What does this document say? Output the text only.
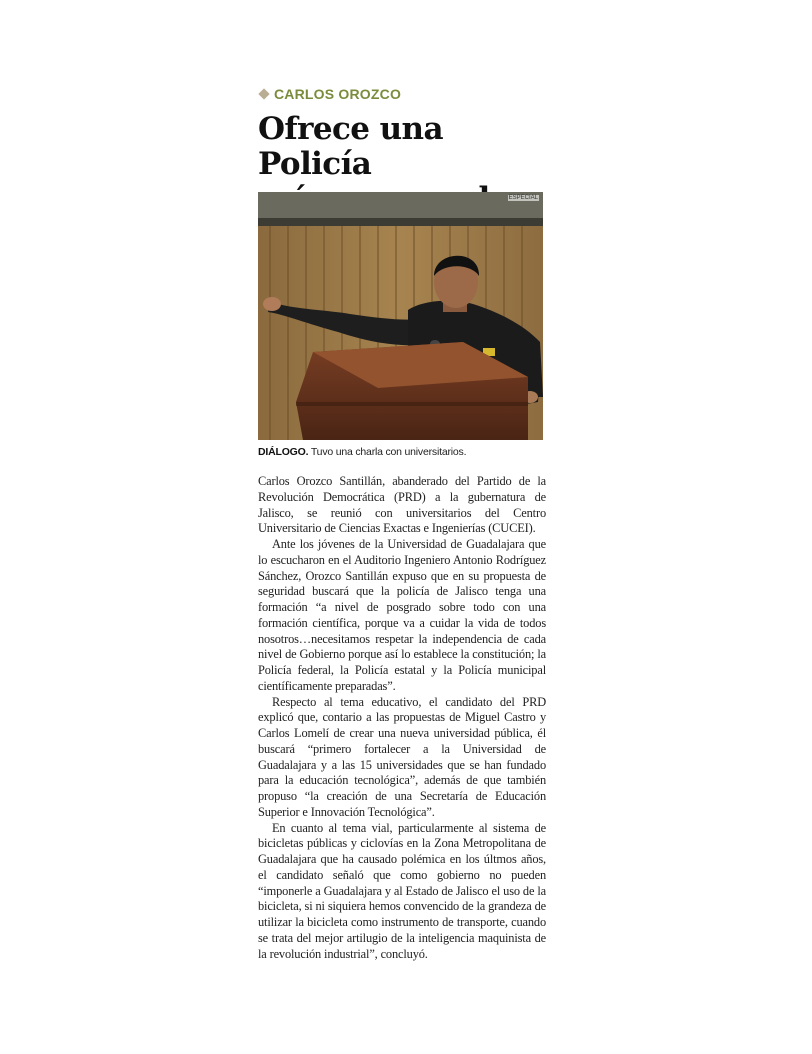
CARLOS OROZCO
Ofrece una Policía
ESPECIAL
DIÁLOGO. Tuvo una charla con universitarios.

Carlos Orozco Santillán, abanderado del Partido de la Revolución Democrática (PRD) a la gubernatura de Jalisco, se reunió con universitarios del Centro Universitario de Ciencias Exactas e Ingenierías (CUCEI).

Ante los jóvenes de la Universidad de Guadalajara que lo escucharon en el Auditorio Ingeniero Antonio Rodríguez Sánchez, Orozco Santillán expuso que en su propuesta de seguridad buscará que la policía de Jalisco tenga una formación “a nivel de posgrado sobre todo con una formación científica, porque va a cuidar la vida de todos nosotros…necesitamos respetar la independencia de cada nivel de Gobierno porque así lo establece la constitución; la Policía federal, la Policía estatal y la Policía municipal científicamente preparadas”.

Respecto al tema educativo, el candidato del PRD explicó que, contario a las propuestas de Miguel Castro y Carlos Lomelí de crear una nueva universidad pública, él buscará “primero fortalecer a la Universidad de Guadalajara y a las 15 universidades que se han fundado para la educación tecnológica”, además de que también propuso “la creación de una Secretaría de Educación Superior e Innovación Tecnológica”.

En cuanto al tema vial, particularmente al sistema de bicicletas públicas y ciclovías en la Zona Metropolitana de Guadalajara que ha causado polémica en los últmos años, el candidato señaló que como gobierno no pueden “imponerle a Guadalajara y al Estado de Jalisco el uso de la bicicleta, si ni siquiera hemos convencido de la grandeza de utilizar la bicicleta como instrumento de transporte, cuando se trata del mejor artilugio de la inteligencia maquinista de la revolución industrial”, concluyó.
